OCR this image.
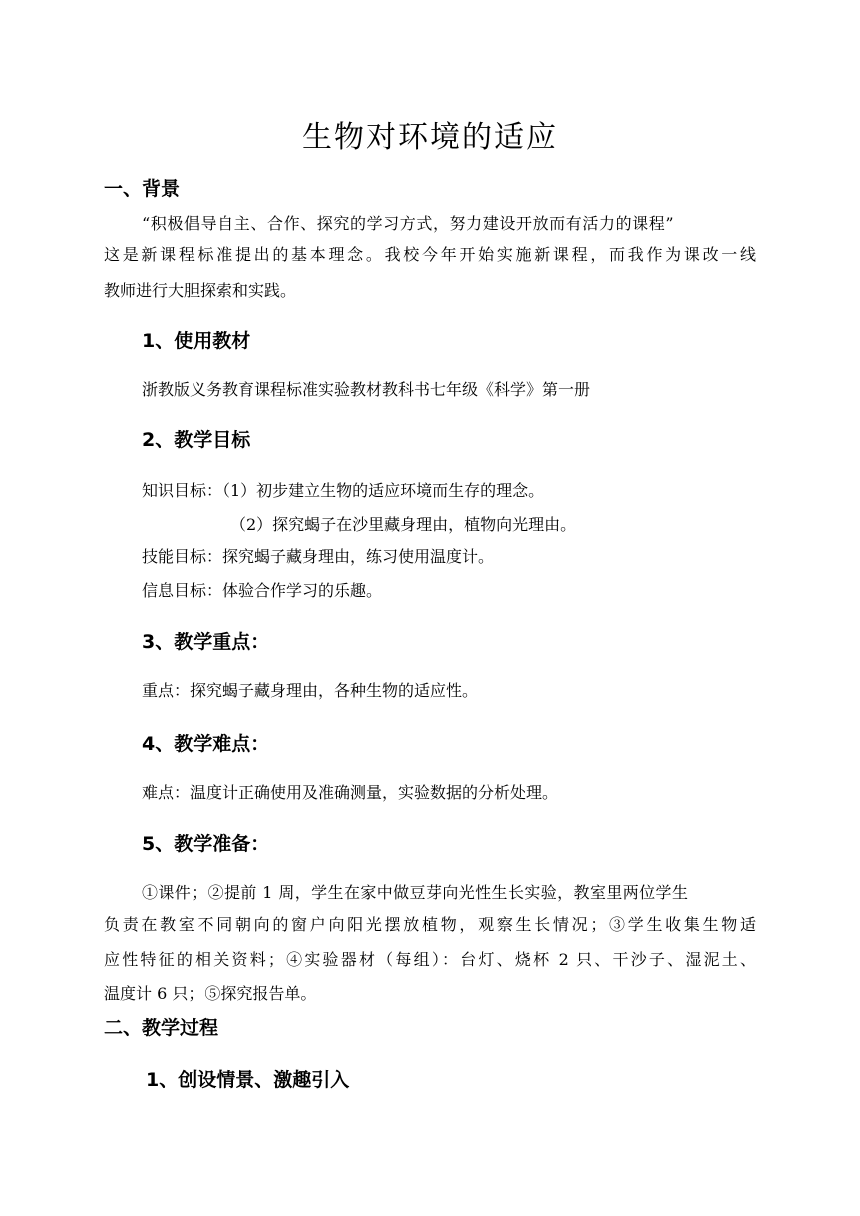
生物对环境的适应
一、背景
“积极倡导自主、合作、探究的学习方式，努力建设开放而有活力的课程”
这是新课程标准提出的基本理念。我校今年开始实施新课程，而我作为课改一线
教师进行大胆探索和实践。
1、使用教材
浙教版义务教育课程标准实验教材教科书七年级《科学》第一册
2、教学目标
知识目标：（1）初步建立生物的适应环境而生存的理念。
（2）探究蝎子在沙里藏身理由，植物向光理由。
技能目标：探究蝎子藏身理由，练习使用温度计。
信息目标：体验合作学习的乐趣。
3、教学重点：
重点：探究蝎子藏身理由，各种生物的适应性。
4、教学难点：
难点：温度计正确使用及准确测量，实验数据的分析处理。
5、教学准备：
①课件；②提前 1 周，学生在家中做豆芽向光性生长实验，教室里两位学生
负责在教室不同朝向的窗户向阳光摆放植物，观察生长情况；③学生收集生物适
应性特征的相关资料；④实验器材（每组）：台灯、烧杯 2 只、干沙子、湿泥土、
温度计 6 只；⑤探究报告单。
二、教学过程
1、创设情景、激趣引入
